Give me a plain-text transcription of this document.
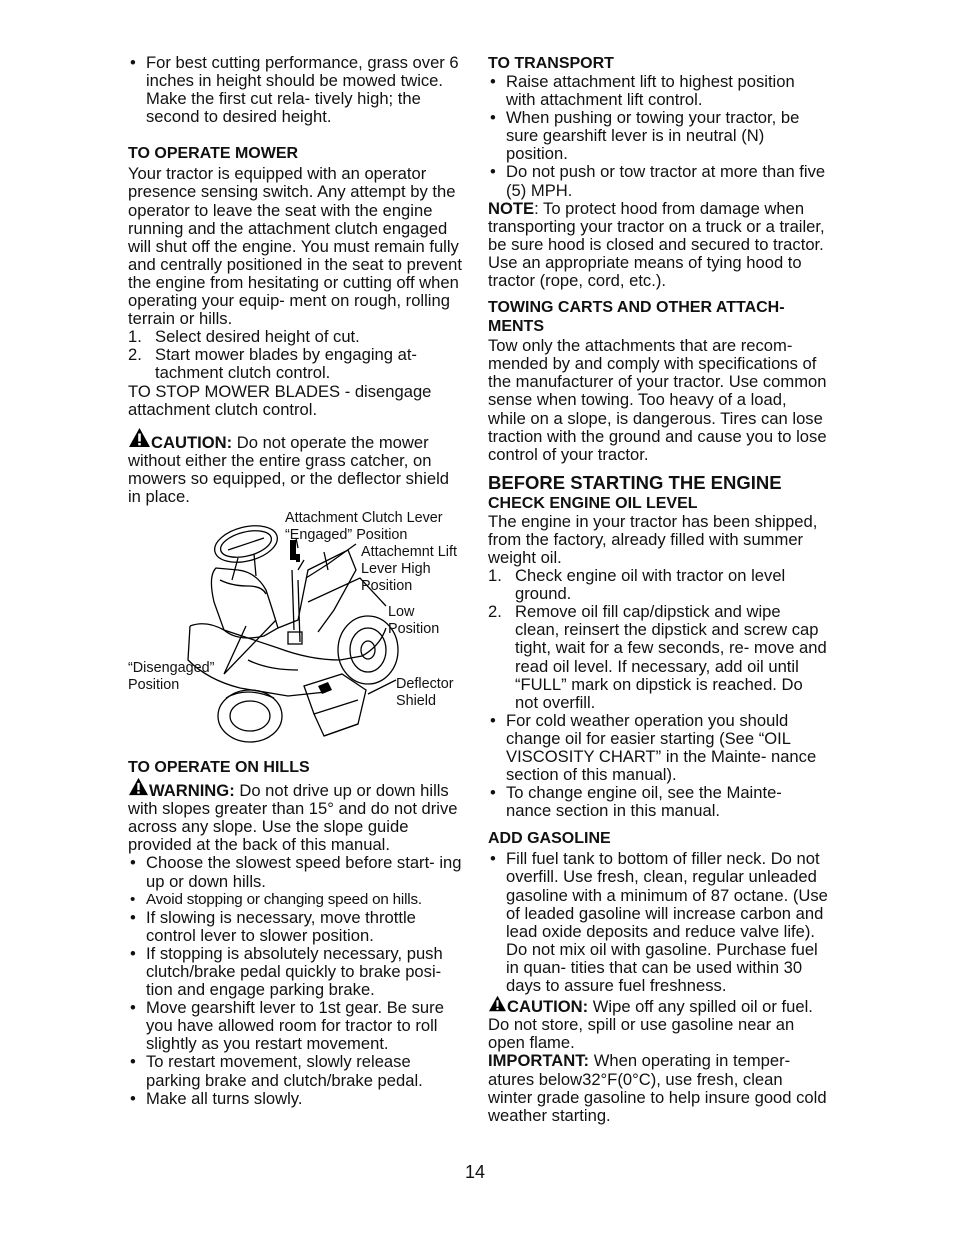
• For best cutting performance, grass over 6 inches in height should be mowed twice. Make the first cut rela- tively high; the second to desired height.

TO OPERATE MOWER

Your tractor is equipped with an operator presence sensing switch. Any attempt by the operator to leave the seat with the engine running and the attachment clutch engaged will shut off the engine. You must remain fully and centrally positioned in the seat to prevent the engine from hesitating or cutting off when operating your equip- ment on rough, rolling terrain or hills.

1. Select desired height of cut.

2. Start mower blades by engaging at- tachment clutch control.

TO STOP MOWER BLADES - disengage attachment clutch control.

CAUTION: Do not operate the mower without either the entire grass catcher, on mowers so equipped, or the deflector shield in place.

Attachment Clutch Lever
“Engaged” Position
Attachemnt Lift Lever High Position
Low Position
“Disengaged” Position	Deflector Shield
TO OPERATE ON HILLS

WARNING: Do not drive up or down hills with slopes greater than 15° and do not drive across any slope. Use the slope guide provided at the back of this manual.

• Choose the slowest speed before start- ing up or down hills.

• Avoid stopping or changing speed on hills.

• If slowing is necessary, move throttle control lever to slower position.

• If stopping is absolutely necessary, push clutch/brake pedal quickly to brake posi- tion and engage parking brake.

• Move gearshift lever to 1st gear. Be sure you have allowed room for tractor to roll slightly as you restart movement.

• To restart movement, slowly release parking brake and clutch/brake pedal.

• Make all turns slowly.

TO TRANSPORT

• Raise attachment lift to highest position with attachment lift control.

• When pushing or towing your tractor, be sure gearshift lever is in neutral (N) position.

• Do not push or tow tractor at more than five (5) MPH.

NOTE: To protect hood from damage when transporting your tractor on a truck or a trailer, be sure hood is closed and secured to tractor. Use an appropriate means of tying hood to tractor (rope, cord, etc.).

TOWING CARTS AND OTHER ATTACH- MENTS

Tow only the attachments that are recom- mended by and comply with specifications of the manufacturer of your tractor. Use common sense when towing. Too heavy of a load, while on a slope, is dangerous. Tires can lose traction with the ground and cause you to lose control of your tractor.

BEFORE STARTING THE ENGINE
CHECK ENGINE OIL LEVEL

The engine in your tractor has been shipped, from the factory, already filled with summer weight oil.

1. Check engine oil with tractor on level ground.

2. Remove oil fill cap/dipstick and wipe clean, reinsert the dipstick and screw cap tight, wait for a few seconds, re- move and read oil level. If necessary, add oil until “FULL” mark on dipstick is reached. Do not overfill.

• For cold weather operation you should change oil for easier starting (See “OIL VISCOSITY CHART” in the Mainte- nance section of this manual).

• To change engine oil, see the Mainte- nance section in this manual.

ADD GASOLINE

• Fill fuel tank to bottom of filler neck. Do not overfill. Use fresh, clean, regular unleaded gasoline with a minimum of 87 octane. (Use of leaded gasoline will increase carbon and lead oxide deposits and reduce valve life). Do not mix oil with gasoline. Purchase fuel in quan- tities that can be used within 30 days to assure fuel freshness.

CAUTION: Wipe off any spilled oil or fuel. Do not store, spill or use gasoline near an open flame.

IMPORTANT: When operating in temper- atures below32°F(0°C), use fresh, clean winter grade gasoline to help insure good cold weather starting.

14
